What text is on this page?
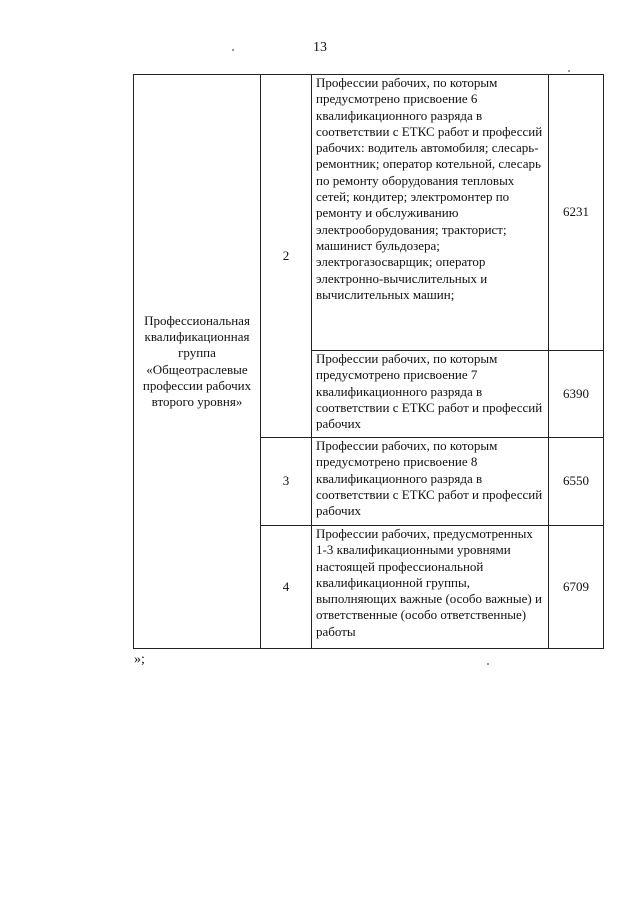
13
Профессиональная квалификационная группа «Общеотраслевые профессии рабочих второго уровня»	2	Профессии рабочих, по которым предусмотрено присвоение 6 квалификационного разряда в соответствии с ЕТКС работ и профессий рабочих: водитель автомобиля; слесарь-ремонтник; оператор котельной, слесарь по ремонту оборудования тепловых сетей; кондитер; электромонтер по ремонту и обслуживанию электрооборудования; тракторист; машинист бульдозера; электрогазосварщик; оператор электронно-вычислительных и вычислительных машин;	6231
		Профессии рабочих, по которым предусмотрено присвоение 7 квалификационного разряда в соответствии с ЕТКС работ и профессий рабочих	6390
	3	Профессии рабочих, по которым предусмотрено присвоение 8 квалификационного разряда в соответствии с ЕТКС работ и профессий рабочих	6550
	4	Профессии рабочих, предусмотренных 1-3 квалификационными уровнями настоящей профессиональной квалификационной группы, выполняющих важные (особо важные) и ответственные (особо ответственные) работы	6709
»;
